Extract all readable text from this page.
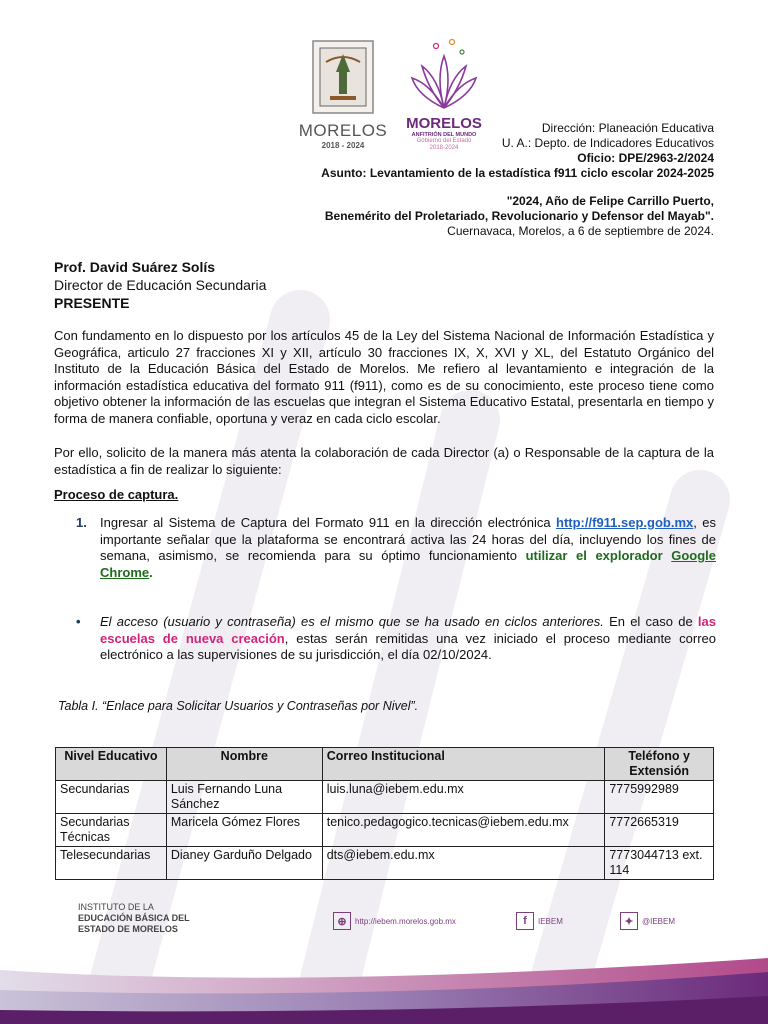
MORELOS
2018 - 2024
MORELOS
ANFITRIÓN DEL MUNDO
Gobierno del Estado
2018-2024
Dirección: Planeación Educativa
U. A.: Depto. de Indicadores Educativos
Oficio: DPE/2963-2/2024
Asunto: Levantamiento de la estadística f911 ciclo escolar 2024-2025
"2024, Año de Felipe Carrillo Puerto,
Benemérito del Proletariado, Revolucionario y Defensor del Mayab".
Cuernavaca, Morelos, a 6 de septiembre de 2024.
Prof. David Suárez Solís
Director de Educación Secundaria
PRESENTE
Con fundamento en lo dispuesto por los artículos 45 de la Ley del Sistema Nacional de Información Estadística y Geográfica, articulo 27 fracciones XI y XII, artículo 30 fracciones IX, X, XVI y XL, del Estatuto Orgánico del Instituto de la Educación Básica del Estado de Morelos. Me refiero al levantamiento e integración de la información estadística educativa del formato 911 (f911), como es de su conocimiento, este proceso tiene como objetivo obtener la información de las escuelas que integran el Sistema Educativo Estatal, presentarla en tiempo y forma de manera confiable, oportuna y veraz en cada ciclo escolar.
Por ello, solicito de la manera más atenta la colaboración de cada Director (a) o Responsable de la captura de la estadística a fin de realizar lo siguiente:
Proceso de captura.
1. Ingresar al Sistema de Captura del Formato 911 en la dirección electrónica http://f911.sep.gob.mx, es importante señalar que la plataforma se encontrará activa las 24 horas del día, incluyendo los fines de semana, asimismo, se recomienda para su óptimo funcionamiento utilizar el explorador Google Chrome.
• El acceso (usuario y contraseña) es el mismo que se ha usado en ciclos anteriores. En el caso de las escuelas de nueva creación, estas serán remitidas una vez iniciado el proceso mediante correo electrónico a las supervisiones de su jurisdicción, el día 02/10/2024.
Tabla I. “Enlace para Solicitar Usuarios y Contraseñas por Nivel”.
Nivel Educativo	Nombre	Correo Institucional	Teléfono y Extensión
Secundarias	Luis Fernando Luna Sánchez	luis.luna@iebem.edu.mx	7775992989
Secundarias Técnicas	Maricela Gómez Flores	tenico.pedagogico.tecnicas@iebem.edu.mx	7772665319
Telesecundarias	Dianey Garduño Delgado	dts@iebem.edu.mx	7773044713 ext. 114
INSTITUTO DE LA
EDUCACIÓN BÁSICA DEL
ESTADO DE MORELOS
⊕	http://iebem.morelos.gob.mx	f	IEBEM	✦	@IEBEM
